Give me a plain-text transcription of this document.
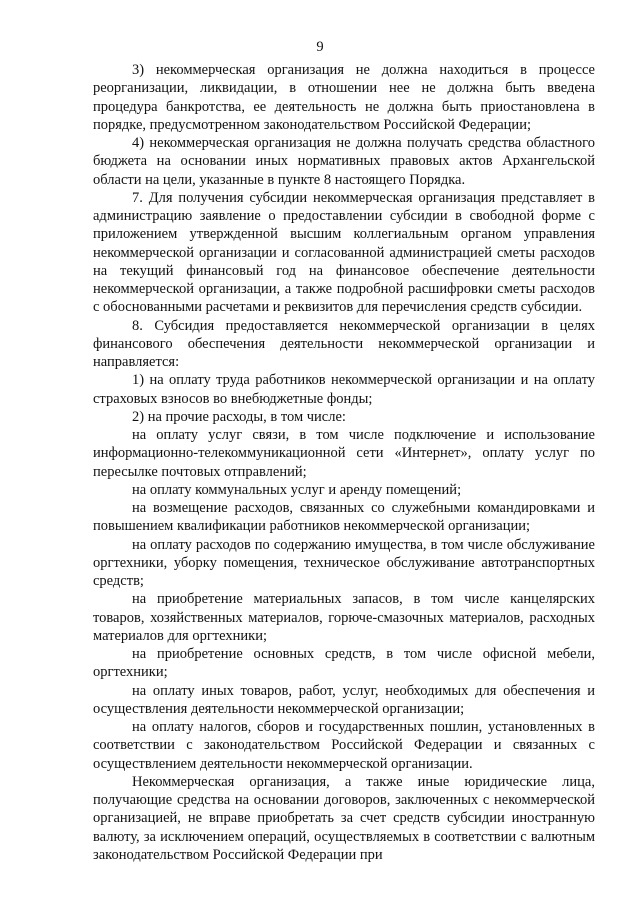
9

3) некоммерческая организация не должна находиться в процессе реорганизации, ликвидации, в отношении нее не должна быть введена процедура банкротства, ее деятельность не должна быть приостановлена в порядке, предусмотренном законодательством Российской Федерации;

4) некоммерческая организация не должна получать средства областного бюджета на основании иных нормативных правовых актов Архангельской области на цели, указанные в пункте 8 настоящего Порядка.

7. Для получения субсидии некоммерческая организация представляет в администрацию заявление о предоставлении субсидии в свободной форме с приложением утвержденной высшим коллегиальным органом управления некоммерческой организации и согласованной администрацией сметы расходов на текущий финансовый год на финансовое обеспечение деятельности некоммерческой организации, а также подробной расшифровки сметы расходов с обоснованными расчетами и реквизитов для перечисления средств субсидии.

8. Субсидия предоставляется некоммерческой организации в целях финансового обеспечения деятельности некоммерческой организации и направляется:

1) на оплату труда работников некоммерческой организации и на оплату страховых взносов во внебюджетные фонды;

2) на прочие расходы, в том числе:

на оплату услуг связи, в том числе подключение и использование информационно-телекоммуникационной сети «Интернет», оплату услуг по пересылке почтовых отправлений;

на оплату коммунальных услуг и аренду помещений;

на возмещение расходов, связанных со служебными командировками и повышением квалификации работников некоммерческой организации;

на оплату расходов по содержанию имущества, в том числе обслуживание оргтехники, уборку помещения, техническое обслуживание автотранспортных средств;

на приобретение материальных запасов, в том числе канцелярских товаров, хозяйственных материалов, горюче-смазочных материалов, расходных материалов для оргтехники;

на приобретение основных средств, в том числе офисной мебели, оргтехники;

на оплату иных товаров, работ, услуг, необходимых для обеспечения и осуществления деятельности некоммерческой организации;

на оплату налогов, сборов и государственных пошлин, установленных в соответствии с законодательством Российской Федерации и связанных с осуществлением деятельности некоммерческой организации.

Некоммерческая организация, а также иные юридические лица, получающие средства на основании договоров, заключенных с некоммерческой организацией, не вправе приобретать за счет средств субсидии иностранную валюту, за исключением операций, осуществляемых в соответствии с валютным законодательством Российской Федерации при
